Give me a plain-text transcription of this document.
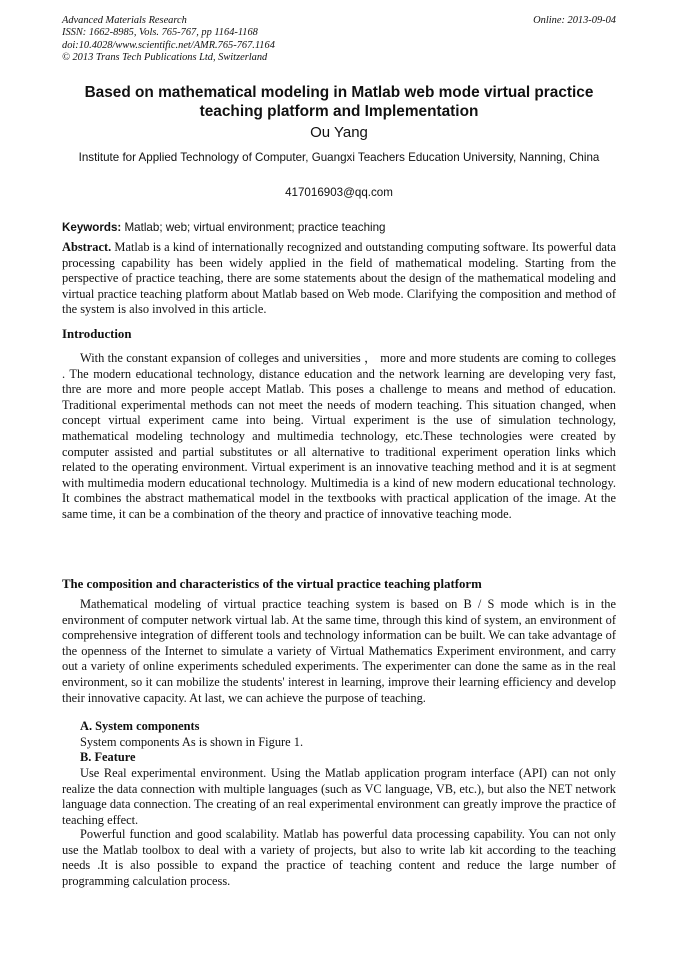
Advanced Materials Research
ISSN: 1662-8985, Vols. 765-767, pp 1164-1168
doi:10.4028/www.scientific.net/AMR.765-767.1164
© 2013 Trans Tech Publications Ltd, Switzerland
Online: 2013-09-04
Based on mathematical modeling in Matlab web mode virtual practice teaching platform and Implementation
Ou Yang
Institute for Applied Technology of Computer, Guangxi Teachers Education University, Nanning, China
417016903@qq.com
Keywords: Matlab; web; virtual environment; practice teaching
Abstract. Matlab is a kind of internationally recognized and outstanding computing software. Its powerful data processing capability has been widely applied in the field of mathematical modeling. Starting from the perspective of practice teaching, there are some statements about the design of the mathematical modeling and virtual practice teaching platform about Matlab based on Web mode. Clarifying the composition and method of the system is also involved in this article.
Introduction
With the constant expansion of colleges and universities ， more and more students are coming to colleges . The modern educational technology, distance education and the network learning are developing very fast, thre are more and more people accept Matlab. This poses a challenge to means and method of education. Traditional experimental methods can not meet the needs of modern teaching. This situation changed, when concept virtual experiment came into being. Virtual experiment is the use of simulation technology, mathematical modeling technology and multimedia technology, etc.These technologies were created by computer assisted and partial substitutes or all alternative to traditional experiment operation links which related to the operating environment. Virtual experiment is an innovative teaching method and it is at segment with multimedia modern educational technology. Multimedia is a kind of new modern educational technology. It combines the abstract mathematical model in the textbooks with practical application of the image. At the same time, it can be a combination of the theory and practice of innovative teaching mode.
The composition and characteristics of the virtual practice teaching platform
Mathematical modeling of virtual practice teaching system is based on B / S mode which is in the environment of computer network virtual lab. At the same time, through this kind of system, an environment of comprehensive integration of different tools and technology information can be built. We can take advantage of the openness of the Internet to simulate a variety of Virtual Mathematics Experiment environment, and carry out a variety of online experiments scheduled experiments. The experimenter can done the same as in the real environment, so it can mobilize the students' interest in learning, improve their learning efficiency and develop their innovative capacity. At last, we can achieve the purpose of teaching.
A. System components
System components As is shown in Figure 1.
B. Feature
Use Real experimental environment. Using the Matlab application program interface (API) can not only realize the data connection with multiple languages (such as VC language, VB, etc.), but also the NET network language data connection. The creating of an real experimental environment can greatly improve the practice of teaching effect.
Powerful function and good scalability. Matlab has powerful data processing capability. You can not only use the Matlab toolbox to deal with a variety of projects, but also to write lab kit according to the teaching needs .It is also possible to expand the practice of teaching content and reduce the large number of programming calculation process.
